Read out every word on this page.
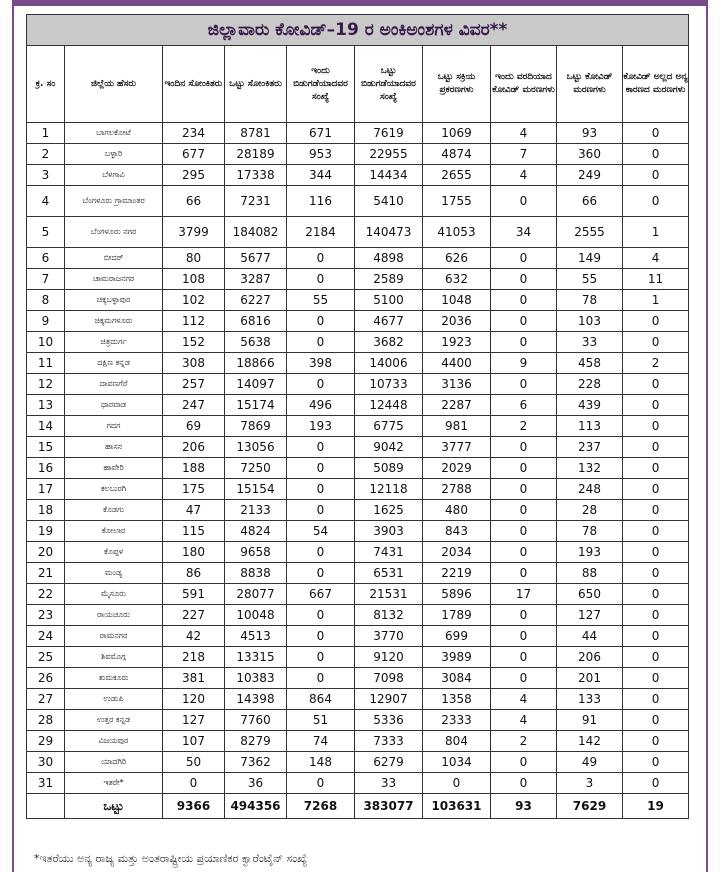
ಜಿಲ್ಲಾವಾರು ಕೋವಿಡ್–19 ರ ಅಂಕಿಅಂಶಗಳ ವಿವರ**									
ಕ್ರ. ಸಂ	ಜಿಲ್ಲೆಯ ಹೆಸರು	ಇಂದಿನ ಸೋಂಕಿತರು	ಒಟ್ಟು ಸೋಂಕಿತರು	ಇಂದು ಬಿಡುಗಡೆಯಾದವರ ಸಂಖ್ಯೆ	ಒಟ್ಟು ಬಿಡುಗಡೆಯಾದವರ ಸಂಖ್ಯೆ	ಒಟ್ಟು ಸಕ್ರಿಯ ಪ್ರಕರಣಗಳು	ಇಂದು ವರದಿಯಾದ ಕೋವಿಡ್ ಮರಣಗಳು	ಒಟ್ಟು ಕೋವಿಡ್ ಮರಣಗಳು	ಕೋವಿಡ್ ಅಲ್ಲದ ಅನ್ಯ ಕಾರಣದ ಮರಣಗಳು
1	ಬಾಗಲಕೋಟೆ	234	8781	671	7619	1069	4	93	0
2	ಬಳ್ಳಾರಿ	677	28189	953	22955	4874	7	360	0
3	ಬೆಳಗಾವಿ	295	17338	344	14434	2655	4	249	0
4	ಬೆಂಗಳೂರು ಗ್ರಾಮಾಂತರ	66	7231	116	5410	1755	0	66	0
5	ಬೆಂಗಳೂರು ನಗರ	3799	184082	2184	140473	41053	34	2555	1
6	ಬೀದರ್	80	5677	0	4898	626	0	149	4
7	ಚಾಮರಾಜನಗರ	108	3287	0	2589	632	0	55	11
8	ಚಿಕ್ಕಬಳ್ಳಾಪುರ	102	6227	55	5100	1048	0	78	1
9	ಚಿಕ್ಕಮಗಳೂರು	112	6816	0	4677	2036	0	103	0
10	ಚಿತ್ರದುರ್ಗ	152	5638	0	3682	1923	0	33	0
11	ದಕ್ಷಿಣ ಕನ್ನಡ	308	18866	398	14006	4400	9	458	2
12	ದಾವಣಗೆರೆ	257	14097	0	10733	3136	0	228	0
13	ಧಾರವಾಡ	247	15174	496	12448	2287	6	439	0
14	ಗದಗ	69	7869	193	6775	981	2	113	0
15	ಹಾಸನ	206	13056	0	9042	3777	0	237	0
16	ಹಾವೇರಿ	188	7250	0	5089	2029	0	132	0
17	ಕಲಬುರಗಿ	175	15154	0	12118	2788	0	248	0
18	ಕೊಡಗು	47	2133	0	1625	480	0	28	0
19	ಕೋಲಾರ	115	4824	54	3903	843	0	78	0
20	ಕೊಪ್ಪಳ	180	9658	0	7431	2034	0	193	0
21	ಮಂಡ್ಯ	86	8838	0	6531	2219	0	88	0
22	ಮೈಸೂರು	591	28077	667	21531	5896	17	650	0
23	ರಾಯಚೂರು	227	10048	0	8132	1789	0	127	0
24	ರಾಮನಗರ	42	4513	0	3770	699	0	44	0
25	ಶಿವಮೊಗ್ಗ	218	13315	0	9120	3989	0	206	0
26	ತುಮಕೂರು	381	10383	0	7098	3084	0	201	0
27	ಉಡುಪಿ	120	14398	864	12907	1358	4	133	0
28	ಉತ್ತರ ಕನ್ನಡ	127	7760	51	5336	2333	4	91	0
29	ವಿಜಯಪುರ	107	8279	74	7333	804	2	142	0
30	ಯಾದಗಿರಿ	50	7362	148	6279	1034	0	49	0
31	ಇತರೇ*	0	36	0	33	0	0	3	0
	ಒಟ್ಟು	9366	494356	7268	383077	103631	93	7629	19
*ಇತರೆಯು ಅನ್ಯ ರಾಜ್ಯ ಮತ್ತು ಅಂತರಾಷ್ಟ್ರೀಯ ಪ್ರಯಾಣಿಕರ ಕ್ವಾರೆಂಟೈನ್ ಸಂಖ್ಯೆ
